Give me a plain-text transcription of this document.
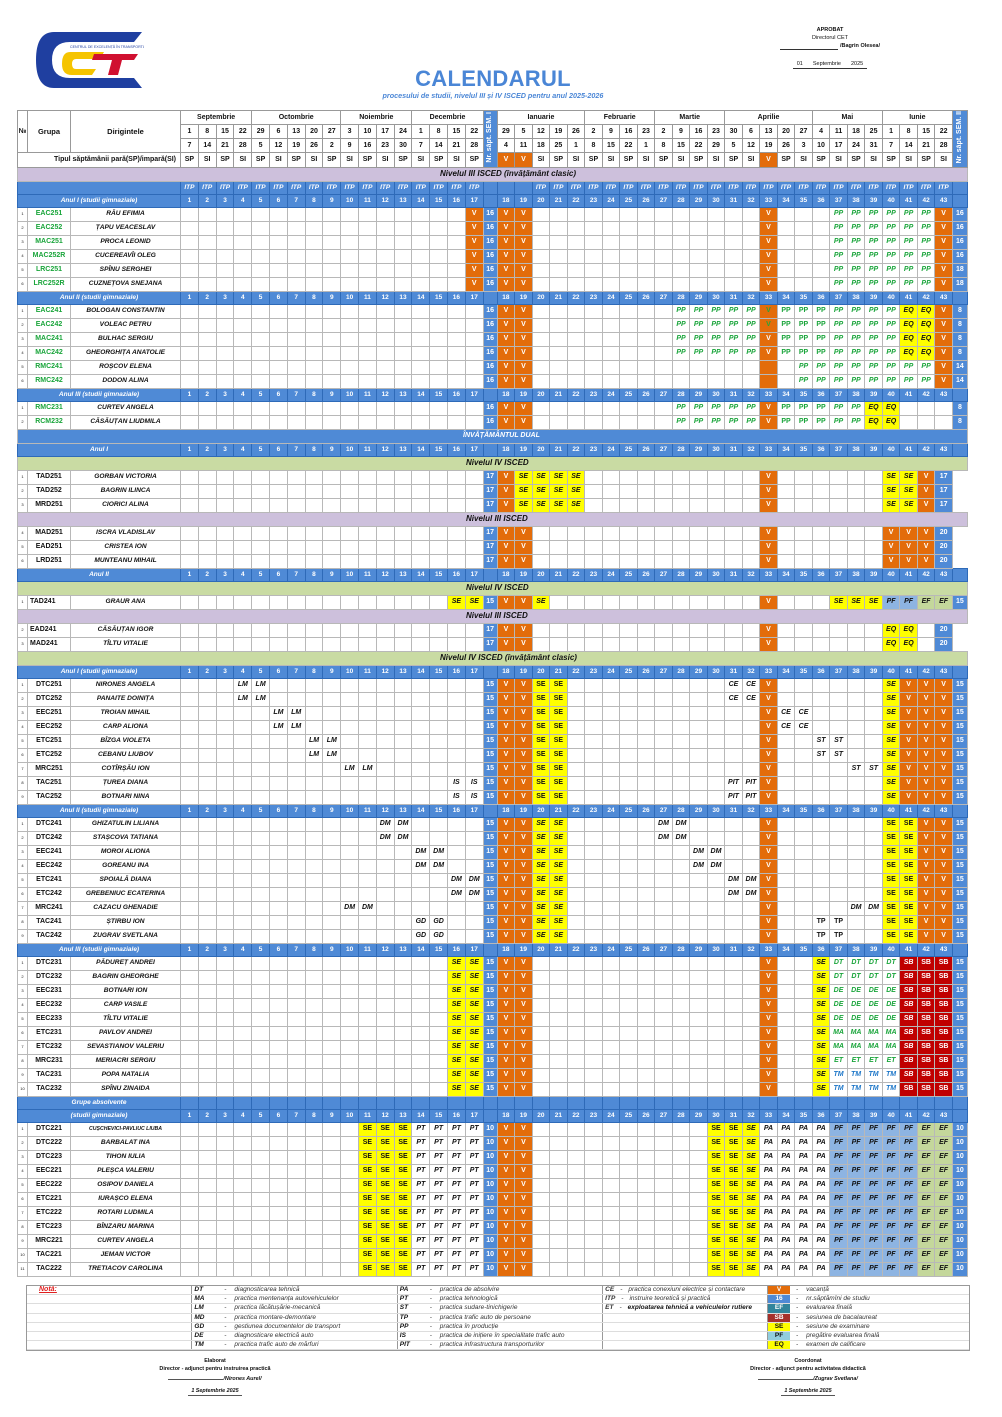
CENTRUL DE EXCELENȚĂ ÎN TRANSPORTURI
APROBAT
Directorul CET
/Bagrin Olesea/
01 Septembrie 2025
CALENDARUL
procesului de studii, nivelul III și IV ISCED pentru anul 2025-2026
№	Grupa	Dirigintele	Septembrie				Octombrie					Noiembrie				Decembrie				Nr. săpt. SEM. I	Ianuarie					Februarie				Martie				Aprilie					Mai				Iunie				Nr. săpt. SEM. II
			1	8	15	22	29	6	13	20	27	3	10	17	24	1	8	15	22		29	5	12	19	26	2	9	16	23	2	9	16	23	30	6	13	20	27	4	11	18	25	1	8	15	22	
			7	14	21	28	5	12	19	26	2	9	16	23	30	7	14	21	28		4	11	18	25	1	8	15	22	1	8	15	22	29	5	12	19	26	3	10	17	24	31	7	14	21	28	
Tipul săptămânii pară(SP)/impară(SI)			SP	SI	SP	SI	SP	SI	SP	SI	SP	SI	SP	SI	SP	SI	SP	SI	SP		V	V	SI	SP	SI	SP	SI	SP	SI	SP	SI	SP	SI	SP	SI	V	SP	SI	SP	SI	SP	SI	SP	SI	SP	SI	
Nivelul III ISCED (învățământ clasic)																																															
			ITP	ITP	ITP	ITP	ITP	ITP	ITP	ITP	ITP	ITP	ITP	ITP	ITP	ITP	ITP	ITP	ITP				ITP	ITP	ITP	ITP	ITP	ITP	ITP	ITP	ITP	ITP	ITP	ITP	ITP	ITP	ITP	ITP	ITP	ITP	ITP	ITP	ITP	ITP	ITP	ITP	
Anul I (studii gimnaziale)			1	2	3	4	5	6	7	8	9	10	11	12	13	14	15	16	17		18	19	20	21	22	23	24	25	26	27	28	29	30	31	32	33	34	35	36	37	38	39	40	41	42	43	
1	EAC251	RĂU EFIMIA																	V	16	V	V														V				PP	PP	PP	PP	PP	PP	V	16
2	EAC252	ȚAPU VEACESLAV																	V	16	V	V														V				PP	PP	PP	PP	PP	PP	V	16
3	MAC251	PROCA LEONID																	V	16	V	V														V				PP	PP	PP	PP	PP	PP	V	16
4	MAC252R	CUCEREAVÎI OLEG																	V	16	V	V														V				PP	PP	PP	PP	PP	PP	V	16
5	LRC251	SPÎNU SERGHEI																	V	16	V	V														V				PP	PP	PP	PP	PP	PP	V	18
6	LRC252R	CUZNEȚOVA SNEJANA																	V	16	V	V														V				PP	PP	PP	PP	PP	PP	V	18
Anul II (studii gimnaziale)			1	2	3	4	5	6	7	8	9	10	11	12	13	14	15	16	17		18	19	20	21	22	23	24	25	26	27	28	29	30	31	32	33	34	35	36	37	38	39	40	41	42	43	
1	EAC241	BOLOGAN CONSTANTIN																		16	V	V									PP	PP	PP	PP	PP	V	PP	PP	PP	PP	PP	PP	PP	EQ	EQ	V	8
2	EAC242	VOLEAC PETRU																		16	V	V									PP	PP	PP	PP	PP	V	PP	PP	PP	PP	PP	PP	PP	EQ	EQ	V	8
3	MAC241	BULHAC SERGIU																		16	V	V									PP	PP	PP	PP	PP	V	PP	PP	PP	PP	PP	PP	PP	EQ	EQ	V	8
4	MAC242	GHEORGHIȚA ANATOLIE																		16	V	V									PP	PP	PP	PP	PP	V	PP	PP	PP	PP	PP	PP	PP	EQ	EQ	V	8
5	RMC241	ROȘCOV ELENA																		16	V	V																PP	PP	PP	PP	PP	PP	PP	PP	V	14
6	RMC242	DODON ALINA																		16	V	V																PP	PP	PP	PP	PP	PP	PP	PP	V	14
Anul III (studii gimnaziale)			1	2	3	4	5	6	7	8	9	10	11	12	13	14	15	16	17		18	19	20	21	22	23	24	25	26	27	28	29	30	31	32	33	34	35	36	37	38	39	40	41	42	43	
1	RMC231	CURTEV ANGELA																		16	V	V									PP	PP	PP	PP	PP	V	PP	PP	PP	PP	PP	EQ	EQ				8
2	RCM232	CĂSĂUȚAN LIUDMILA																		16	V	V									PP	PP	PP	PP	PP	V	PP	PP	PP	PP	PP	EQ	EQ				8
ÎNVĂȚĂMÂNTUL DUAL																																															
Anul I			1	2	3	4	5	6	7	8	9	10	11	12	13	14	15	16	17		18	19	20	21	22	23	24	25	26	27	28	29	30	31	32	33	34	35	36	37	38	39	40	41	42	43	
Nivelul IV ISCED																																															
1	TAD251	GORBAN VICTORIA																		17	V	SE	SE	SE	SE											V							SE	SE	V	17	
2	TAD252	BAGRIN ILINCA																		17	V	SE	SE	SE	SE											V							SE	SE	V	17	
3	MRD251	CIORICI ALINA																		17	V	SE	SE	SE	SE											V							SE	SE	V	17	
Nivelul III ISCED																																															
4	MAD251	ISCRA VLADISLAV																		17	V	V														V							V	V	V	20	
5	EAD251	CRISTEA ION																		17	V	V														V							V	V	V	20	
6	LRD251	MUNTEANU MIHAIL																		17	V	V														V							V	V	V	20	
Anul II			1	2	3	4	5	6	7	8	9	10	11	12	13	14	15	16	17		18	19	20	21	22	23	24	25	26	27	28	29	30	31	32	33	34	35	36	37	38	39	40	41	42	43	
Nivelul IV ISCED																																															
1	TAD241	GRAUR ANA																SE	SE	15	V	V	SE													V				SE	SE	SE	PF	PF	EF	EF	15
Nivelul III ISCED																																															
2	EAD241	CĂSĂUȚAN IGOR																		17	V	V														V							EQ	EQ		20	
3	MAD241	TÎLTU VITALIE																		17	V	V														V							EQ	EQ		20	
Nivelul IV ISCED (învățământ clasic)																																															
Anul I (studii gimnaziale)			1	2	3	4	5	6	7	8	9	10	11	12	13	14	15	16	17		18	19	20	21	22	23	24	25	26	27	28	29	30	31	32	33	34	35	36	37	38	39	40	41	42	43	
1	DTC251	NIRONES ANGELA				LM	LM													15	V	V	SE	SE										CE	CE	V							SE	V	V	V	15
2	DTC252	PANAITE DOINIȚA				LM	LM													15	V	V	SE	SE										CE	CE	V							SE	V	V	V	15
3	EEC251	TROIAN MIHAIL						LM	LM											15	V	V	SE	SE												V	CE	CE					SE	V	V	V	15
4	EEC252	CARP ALIONA						LM	LM											15	V	V	SE	SE												V	CE	CE					SE	V	V	V	15
5	ETC251	BÎZGA VIOLETA								LM	LM									15	V	V	SE	SE												V			ST	ST			SE	V	V	V	15
6	ETC252	CEBANU LIUBOV								LM	LM									15	V	V	SE	SE												V			ST	ST			SE	V	V	V	15
7	MRC251	COTÎRȘĂU ION										LM	LM							15	V	V	SE	SE												V					ST	ST	SE	V	V	V	15
8	TAC251	ȚUREA DIANA																IS	IS	15	V	V	SE	SE										PIT	PIT	V							SE	V	V	V	15
9	TAC252	BOTNARI NINA																IS	IS	15	V	V	SE	SE										PIT	PIT	V							SE	V	V	V	15
Anul II (studii gimnaziale)			1	2	3	4	5	6	7	8	9	10	11	12	13	14	15	16	17		18	19	20	21	22	23	24	25	26	27	28	29	30	31	32	33	34	35	36	37	38	39	40	41	42	43	
1	DTC241	GHIZATULIN LILIANA												DM	DM					15	V	V	SE	SE						DM	DM					V							SE	SE	V	V	15
2	DTC242	STAȘCOVA TATIANA												DM	DM					15	V	V	SE	SE						DM	DM					V							SE	SE	V	V	15
3	EEC241	MOROI ALIONA														DM	DM			15	V	V	SE	SE								DM	DM			V							SE	SE	V	V	15
4	EEC242	GOREANU INA														DM	DM			15	V	V	SE	SE								DM	DM			V							SE	SE	V	V	15
5	ETC241	SPOIALĂ DIANA																DM	DM	15	V	V	SE	SE										DM	DM	V							SE	SE	V	V	15
6	ETC242	GREBENIUC ECATERINA																DM	DM	15	V	V	SE	SE										DM	DM	V							SE	SE	V	V	15
7	MRC241	CAZACU GHENADIE										DM	DM							15	V	V	SE	SE												V					DM	DM	SE	SE	V	V	15
8	TAC241	ȘTIRBU ION														GD	GD			15	V	V	SE	SE												V			TP	TP			SE	SE	V	V	15
9	TAC242	ZUGRAV SVETLANA														GD	GD			15	V	V	SE	SE												V			TP	TP			SE	SE	V	V	15
Anul III (studii gimnaziale)			1	2	3	4	5	6	7	8	9	10	11	12	13	14	15	16	17		18	19	20	21	22	23	24	25	26	27	28	29	30	31	32	33	34	35	36	37	38	39	40	41	42	43	
1	DTC231	PĂDUREȚ ANDREI																SE	SE	15	V	V														V			SE	DT	DT	DT	DT	SB	SB	SB	15
2	DTC232	BAGRIN GHEORGHE																SE	SE	15	V	V														V			SE	DT	DT	DT	DT	SB	SB	SB	15
3	EEC231	BOTNARI ION																SE	SE	15	V	V														V			SE	DE	DE	DE	DE	SB	SB	SB	15
4	EEC232	CARP VASILE																SE	SE	15	V	V														V			SE	DE	DE	DE	DE	SB	SB	SB	15
5	EEC233	TÎLTU VITALIE																SE	SE	15	V	V														V			SE	DE	DE	DE	DE	SB	SB	SB	15
6	ETC231	PAVLOV ANDREI																SE	SE	15	V	V														V			SE	MA	MA	MA	MA	SB	SB	SB	15
7	ETC232	SEVASTIANOV VALERIU																SE	SE	15	V	V														V			SE	MA	MA	MA	MA	SB	SB	SB	15
8	MRC231	MERIACRI SERGIU																SE	SE	15	V	V														V			SE	ET	ET	ET	ET	SB	SB	SB	15
9	TAC231	POPA NATALIA																SE	SE	15	V	V														V			SE	TM	TM	TM	TM	SB	SB	SB	15
10	TAC232	SPÎNU ZINAIDA																SE	SE	15	V	V														V			SE	TM	TM	TM	TM	SB	SB	SB	15
Grupe absolvente																																															
(studii gimnaziale)			1	2	3	4	5	6	7	8	9	10	11	12	13	14	15	16	17		18	19	20	21	22	23	24	25	26	27	28	29	30	31	32	33	34	35	36	37	38	39	40	41	42	43	
1	DTC221	CUȘCHEVICI-PAVLIUC LIUBA											SE	SE	SE	PT	PT	PT	PT	10	V	V											SE	SE	SE	PA	PA	PA	PA	PF	PF	PF	PF	PF	EF	EF	10
2	DTC222	BARBALAT INA											SE	SE	SE	PT	PT	PT	PT	10	V	V											SE	SE	SE	PA	PA	PA	PA	PF	PF	PF	PF	PF	EF	EF	10
3	DTC223	TIHON IULIA											SE	SE	SE	PT	PT	PT	PT	10	V	V											SE	SE	SE	PA	PA	PA	PA	PF	PF	PF	PF	PF	EF	EF	10
4	EEC221	PLEȘCA VALERIU											SE	SE	SE	PT	PT	PT	PT	10	V	V											SE	SE	SE	PA	PA	PA	PA	PF	PF	PF	PF	PF	EF	EF	10
5	EEC222	OSIPOV DANIELA											SE	SE	SE	PT	PT	PT	PT	10	V	V											SE	SE	SE	PA	PA	PA	PA	PF	PF	PF	PF	PF	EF	EF	10
6	ETC221	IURAȘCO ELENA											SE	SE	SE	PT	PT	PT	PT	10	V	V											SE	SE	SE	PA	PA	PA	PA	PF	PF	PF	PF	PF	EF	EF	10
7	ETC222	ROTARI LUDMILA											SE	SE	SE	PT	PT	PT	PT	10	V	V											SE	SE	SE	PA	PA	PA	PA	PF	PF	PF	PF	PF	EF	EF	10
8	ETC223	BÎNZARU MARINA											SE	SE	SE	PT	PT	PT	PT	10	V	V											SE	SE	SE	PA	PA	PA	PA	PF	PF	PF	PF	PF	EF	EF	10
9	MRC221	CURTEV ANGELA											SE	SE	SE	PT	PT	PT	PT	10	V	V											SE	SE	SE	PA	PA	PA	PA	PF	PF	PF	PF	PF	EF	EF	10
10	TAC221	JEMAN VICTOR											SE	SE	SE	PT	PT	PT	PT	10	V	V											SE	SE	SE	PA	PA	PA	PA	PF	PF	PF	PF	PF	EF	EF	10
11	TAC222	TRETIACOV CAROLINA											SE	SE	SE	PT	PT	PT	PT	10	V	V											SE	SE	SE	PA	PA	PA	PA	PF	PF	PF	PF	PF	EF	EF	10
Notă:	DT	-	diagnosticarea tehnică	PA	-	practica de absolvire	CE - practica conexiuni electrice și contactare	V	-	vacanță
	MA	-	practica mentenanța autovehiculelor	PT	-	practica tehnologică	ITP - instruire teoretică și practică	16	-	nr.săptămîni de studiu
	LM	-	practica lăcătușărie-mecanică	ST	-	practica sudare-tinichigerie	ET - exploatarea tehnică a vehiculelor rutiere	EF	-	evaluarea finală
	MD	-	practica montare-demontare	TP	-	practica trafic auto de persoane		SB	-	sesiunea de bacalaureat
	GD	-	gestiunea documentelor de transport	PP	-	practica în producție		SE	-	sesiune de examinare
	DE	-	diagnosticare electrică auto	IS	-	practica de inițiere în specialitate trafic auto		PF	-	pregătire evaluarea finală
	TM	-	practica trafic auto de mărfuri	PIT	-	practica infrastructura transporturilor		EQ	-	examen de calificare
Elaborat
Director - adjunct pentru instruirea practică
/Nirones Aurel/
1 Septembrie 2025
Coordonat
Director - adjunct pentru activitatea didactică
/Zugrav Svetlana/
1 Septembrie 2025
